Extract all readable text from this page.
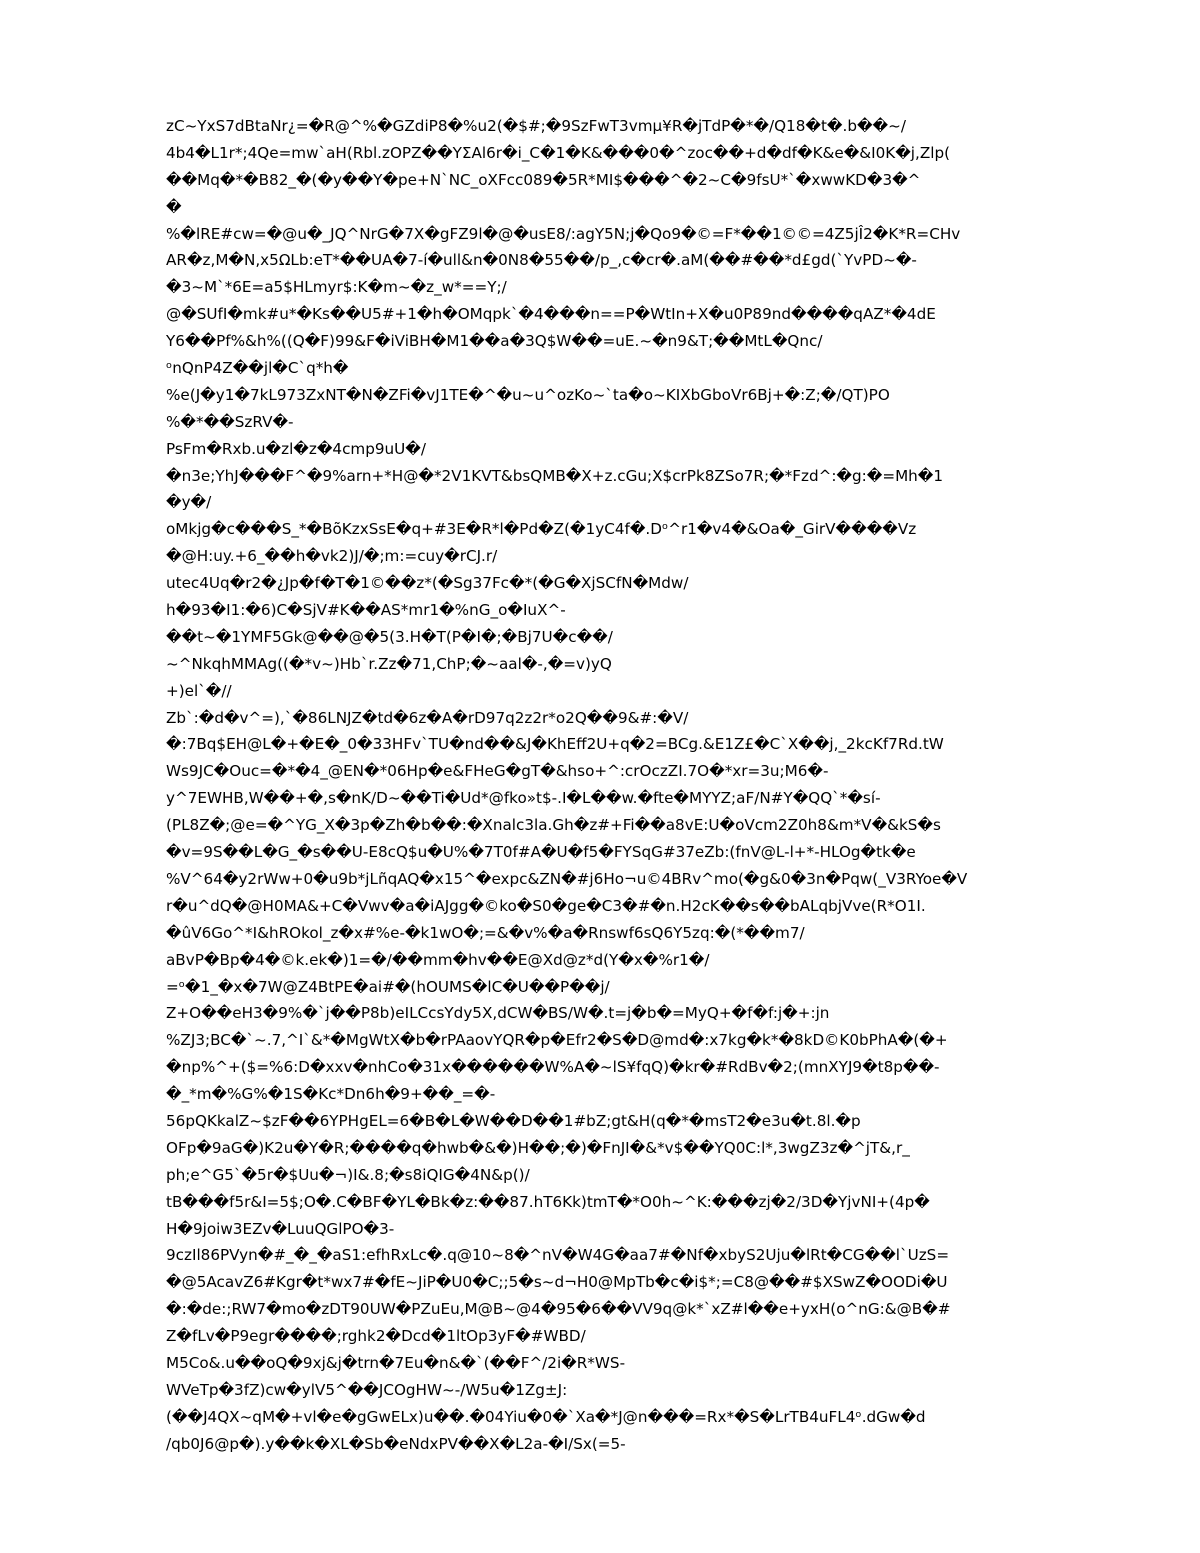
zC~YxS7dBtaNr¿=�R@^%�GZdiP8�%u2(�$#;�9SzFwT3vmµ¥R�jTdP�*�/Q18�t�.b��~/
4b4�L1r*;4Qe=mw`aH(Rbl.zOPZ��YΣAl6r�i_C�1�K&���0�^zoc��+d�df�K&e�&I0K�j,Zlp(
��Mq�*�B82_�(�y��Y�pe+N`NC_oXFcc089�5R*MI$���^�2~C�9fsU*`�xwwKD�3�^
�
%�lRE#cw=�@u�_JQ^NrG�7X�gFZ9l�@�usE8/:agY5N;j�Qo9�©=F*��1©©=4Z5jÎ2�K*R=CHv
AR�z,M�N,x5ΩLb:eT*��UA�7-í�ull&n�0N8�55��/p_,c�cr�.aM(��#��*d£gd(`YvPD~�-
�3~M`*6E=a5$HLmyr$:K�m~�z_w*==Y;/
@�SUfI�mk#u*�Ks��U5#+1�h�OMqpk`�4���n==P�WtIn+X�u0P89nd����qAZ*�4dE
Y6��Pf%&h%((Q�F)99&F�iViBH�M1��a�3Q$W��=uE.~�n9&T;��MtL�Qnc/
ᵒnQnP4Z��jl�C`q*h�
%e(J�y1�7kL973ZxNT�N�ZFi�vJ1TE�^�u~u^ozKo~`ta�o~KIXbGboVr6Bj+�:Z;�/QT)PO
%�*��SzRV�-
PsFm�Rxb.u�zl�z�4cmp9uU�/
�n3e;YhJ���F^�9%arn+*H@�*2V1KVT&bsQMB�X+z.cGu;X$crPk8ZSo7R;�*Fzd^:�g:�=Mh�1
�y�/
oMkjg�c���S_*�BõKzxSsE�q+#3E�R*l�Pd�Z(�1yC4f�.Dᵒ^r1�v4�&Oa�_GirV����Vz
�@H:uy.+6_��h�vk2)J/�;m:=cuy�rCJ.r/
utec4Uq�r2�¿Jp�f�T�1©��z*(�Sg37Fc�*(�G�XjSCfN�Mdw/
h�93�I1:�6)C�SjV#K��AS*mr1�%nG_o�IuX^-
��t~�1YMF5Gk@��@�5(3.H�T(P�I�;�Bj7U�c��/
~^NkqhMMAg((�*v~)Hb`r.Zz�71,ChP;�~aal�-,�=v)yQ
+)el`�//
Zb`:�d�v^=),`�86LNJZ�td�6z�A�rD97q2z2r*o2Q��9&#:�V/
�:7Bq$EH@L�+�E�_0�33HFv`TU�nd��&J�KhEff2U+q�2=BCg.&E1Z£�C`X��j,_2kcKf7Rd.tW
Ws9JC�Ouc=�*�4_@EN�*06Hp�e&FHeG�gT�&hso+^:crOczZI.7O�*xr=3u;M6�-
y^7EWHB,W��+�,s�nK/D~��Ti�Ud*@fko»t$-.I�L��w.�fte�MYYZ;aF/N#Y�QQ`*�sí-
(PL8Z�;@e=�^YG_X�3p�Zh�b��:�Xnalc3la.Gh�z#+Fi��a8vE:U�oVcm2Z0h8&m*V�&kS�s
�v=9S��L�G_�s��U-E8cQ$u�U%�7T0f#A�U�f5�FYSqG#37eZb:(fnV@L-l+*-HLOg�tk�e
%V^64�y2rWw+0�u9b*jLñqAQ�x15^�expc&ZN�#j6Ho¬u©4BRv^mo(�g&0�3n�Pqw(_V3RYoe�V
r�u^dQ�@H0MA&+C�Vwv�a�iAJgg�©ko�S0�ge�C3�#�n.H2cK��s��bALqbjVve(R*O1I.
�ûV6Go^*I&hROkol_z�x#%e-�k1wO�;=&�v%�a�Rnswf6sQ6Y5zq:�(*��m7/
aBvP�Bp�4�©k.ek�)1=�/��mm�hv��E@Xd@z*d(Y�x�%r1�/
=ᵒ�1_�x�7W@Z4BtPE�ai#�(hOUMS�lC�U��P��j/
Z+O��eH3�9%�`j��P8b)eILCcsYdy5X,dCW�BS/W�.t=j�b�=MyQ+�f�f:j�+:jn
%ZJ3;BC�`~.7,^I`&*�MgWtX�b�rPAaovYQR�p�Efr2�S�D@md�:x7kg�k*�8kD©K0bPhA�(�+
�np%^+($=%6:D�xxv�nhCo�31x������W%A�~lS¥fqQ)�kr�#RdBv�2;(mnXYJ9�t8p��-
�_*m�%G%�1S�Kc*Dn6h�9+��_=�-
56pQKkalZ~$zF��6YPHgEL=6�B�L�W��D��1#bZ;gt&H(q�*�msT2�e3u�t.8l.�p
OFp�9aG�)K2u�Y�R;����q�hwb�&�)H��;�)�FnJI�&*v$��YQ0C:l*,3wgZ3z�^jT&,r_
ph;e^G5`�5r�$Uu�¬)I&.8;�s8iQIG�4N&p()/
tB���f5r&I=5$;O�.C�BF�YL�Bk�z:��87.hT6Kk)tmT�*O0h~^K:���zj�2/3D�YjvNI+(4p�
H�9joiw3EZv�LuuQGlPO�3-
9czIl86PVyn�#_�_�aS1:efhRxLc�.q@10~8�^nV�W4G�aa7#�Nf�xbyS2Uju�lRt�CG��l`UzS=
�@5AcavZ6#Kgr�t*wx7#�fE~JiP�U0�C;;5�s~d¬H0@MpTb�c�i$*;=C8@��#$XSwZ�OODi�U
�:�de:;RW7�mo�zDT90UW�PZuEu,M@B~@4�95�6��VV9q@k*`xZ#l��e+yxH(o^nG:&@B�#
Z�fLv�P9egr����;rghk2�Dcd�1ltOp3yF�#WBD/
M5Co&.u��oQ�9xj&j�trn�7Eu�n&�`(��F^/2i�R*WS-
WVeTp�3fZ)cw�ylV5^��JCOgHW~-/W5u�1Zg±J:
(��J4QX~qM�+vl�e�gGwELx)u��.�04Yiu�0�`Xa�*J@n���=Rx*�S�LrTB4uFL4ᵒ.dGw�d
/qb0J6@p�).y��k�XL�Sb�eNdxPV��X�L2a-�I/Sx(=5-
